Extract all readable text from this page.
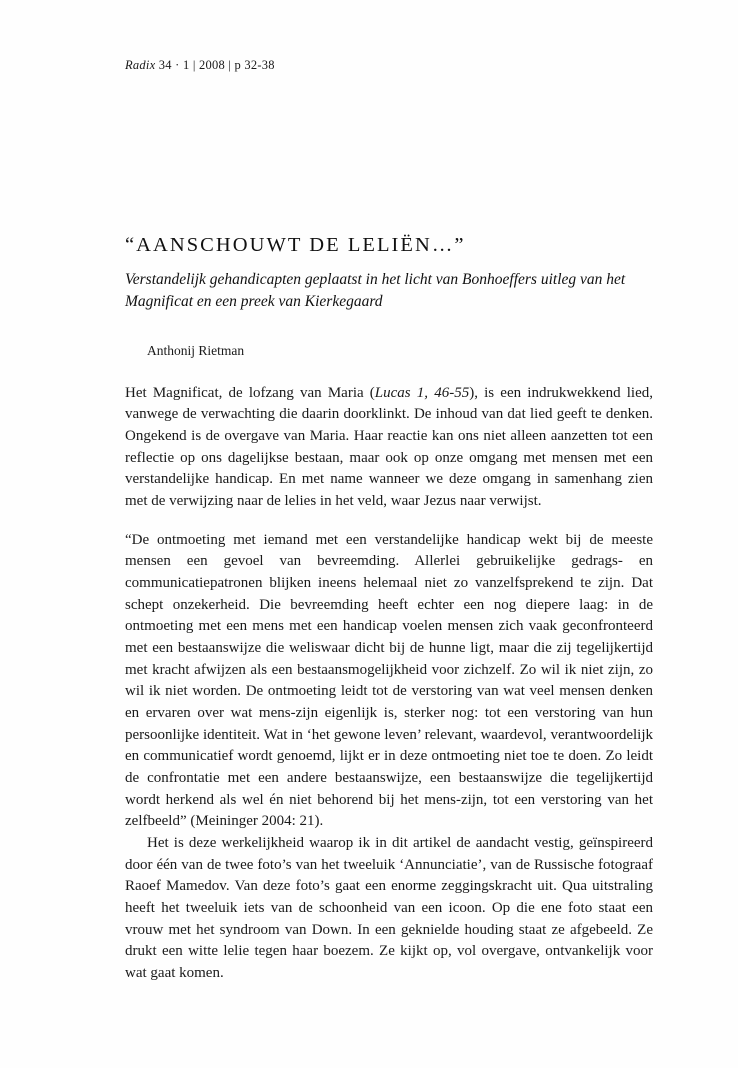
Radix 34 · 1 | 2008 | p 32-38
“AANSCHOUWT DE LELIËN…”

Verstandelijk gehandicapten geplaatst in het licht van Bonhoeffers uitleg van het Magnificat en een preek van Kierkegaard

Anthonij Rietman

Het Magnificat, de lofzang van Maria (Lucas 1, 46-55), is een indrukwekkend lied, vanwege de verwachting die daarin doorklinkt. De inhoud van dat lied geeft te denken. Ongekend is de overgave van Maria. Haar reactie kan ons niet alleen aanzetten tot een reflectie op ons dagelijkse bestaan, maar ook op onze omgang met mensen met een verstandelijke handicap. En met name wanneer we deze omgang in samenhang zien met de verwijzing naar de lelies in het veld, waar Jezus naar verwijst.

“De ontmoeting met iemand met een verstandelijke handicap wekt bij de meeste mensen een gevoel van bevreemding. Allerlei gebruikelijke gedrags- en communicatiepatronen blijken ineens helemaal niet zo vanzelfsprekend te zijn. Dat schept onzekerheid. Die bevreemding heeft echter een nog diepere laag: in de ontmoeting met een mens met een handicap voelen mensen zich vaak geconfronteerd met een bestaanswijze die weliswaar dicht bij de hunne ligt, maar die zij tegelijkertijd met kracht afwijzen als een bestaansmogelijkheid voor zichzelf. Zo wil ik niet zijn, zo wil ik niet worden. De ontmoeting leidt tot de verstoring van wat veel mensen denken en ervaren over wat mens-zijn eigenlijk is, sterker nog: tot een verstoring van hun persoonlijke identiteit. Wat in ‘het gewone leven’ relevant, waardevol, verantwoordelijk en communicatief wordt genoemd, lijkt er in deze ontmoeting niet toe te doen. Zo leidt de confrontatie met een andere bestaanswijze, een bestaanswijze die tegelijkertijd wordt herkend als wel én niet behorend bij het mens-zijn, tot een verstoring van het zelfbeeld” (Meininger 2004: 21).

Het is deze werkelijkheid waarop ik in dit artikel de aandacht vestig, geïnspireerd door één van de twee foto’s van het tweeluik ‘Annunciatie’, van de Russische fotograaf Raoef Mamedov. Van deze foto’s gaat een enorme zeggingskracht uit. Qua uitstraling heeft het tweeluik iets van de schoonheid van een icoon. Op die ene foto staat een vrouw met het syndroom van Down. In een geknielde houding staat ze afgebeeld. Ze drukt een witte lelie tegen haar boezem. Ze kijkt op, vol overgave, ontvankelijk voor wat gaat komen.
